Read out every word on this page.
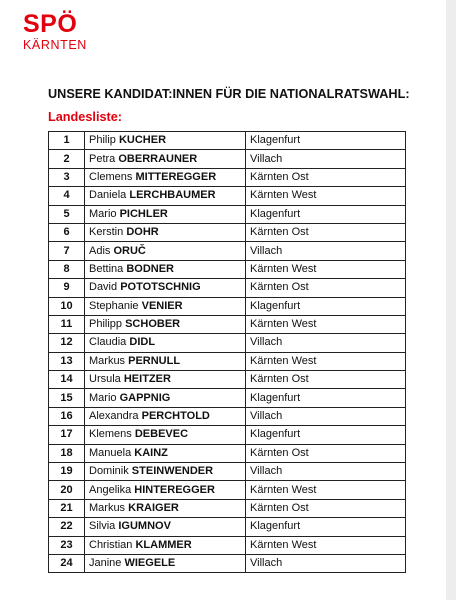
SPÖ
KÄRNTEN
UNSERE KANDIDAT:INNEN FÜR DIE NATIONALRATSWAHL:
Landesliste:
1	Philip KUCHER	Klagenfurt
2	Petra OBERRAUNER	Villach
3	Clemens MITTEREGGER	Kärnten Ost
4	Daniela LERCHBAUMER	Kärnten West
5	Mario PICHLER	Klagenfurt
6	Kerstin DOHR	Kärnten Ost
7	Adis ORUČ	Villach
8	Bettina BODNER	Kärnten West
9	David POTOTSCHNIG	Kärnten Ost
10	Stephanie VENIER	Klagenfurt
11	Philipp SCHOBER	Kärnten West
12	Claudia DIDL	Villach
13	Markus PERNULL	Kärnten West
14	Ursula HEITZER	Kärnten Ost
15	Mario GAPPNIG	Klagenfurt
16	Alexandra PERCHTOLD	Villach
17	Klemens DEBEVEC	Klagenfurt
18	Manuela KAINZ	Kärnten Ost
19	Dominik STEINWENDER	Villach
20	Angelika HINTEREGGER	Kärnten West
21	Markus KRAIGER	Kärnten Ost
22	Silvia IGUMNOV	Klagenfurt
23	Christian KLAMMER	Kärnten West
24	Janine WIEGELE	Villach
